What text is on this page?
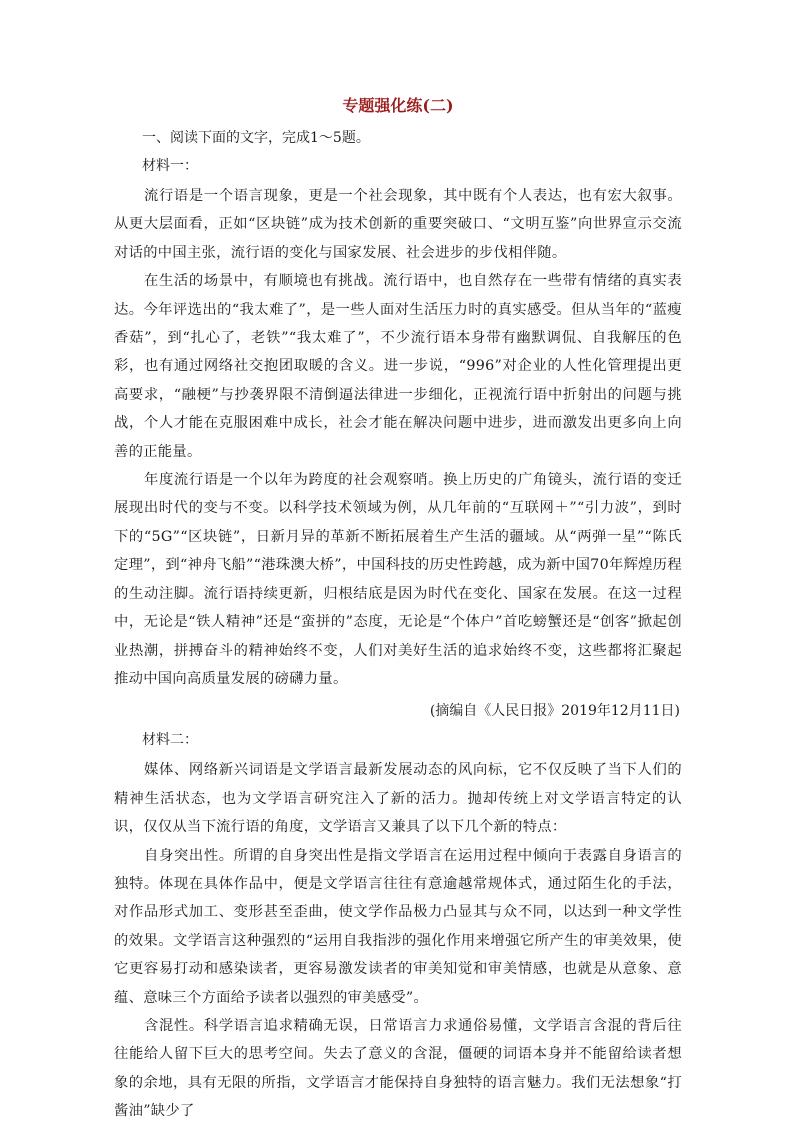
专题强化练(二)

一、阅读下面的文字，完成1～5题。

材料一：

流行语是一个语言现象，更是一个社会现象，其中既有个人表达，也有宏大叙事。从更大层面看，正如“区块链”成为技术创新的重要突破口、“文明互鉴”向世界宣示交流对话的中国主张，流行语的变化与国家发展、社会进步的步伐相伴随。

在生活的场景中，有顺境也有挑战。流行语中，也自然存在一些带有情绪的真实表达。今年评选出的“我太难了”，是一些人面对生活压力时的真实感受。但从当年的“蓝瘦香菇”，到“扎心了，老铁”“我太难了”，不少流行语本身带有幽默调侃、自我解压的色彩，也有通过网络社交抱团取暖的含义。进一步说，“996”对企业的人性化管理提出更高要求，“融梗”与抄袭界限不清倒逼法律进一步细化，正视流行语中折射出的问题与挑战，个人才能在克服困难中成长，社会才能在解决问题中进步，进而激发出更多向上向善的正能量。

年度流行语是一个以年为跨度的社会观察哨。换上历史的广角镜头，流行语的变迁展现出时代的变与不变。以科学技术领域为例，从几年前的“互联网＋”“引力波”，到时下的“5G”“区块链”，日新月异的革新不断拓展着生产生活的疆域。从“两弹一星”“陈氏定理”，到“神舟飞船”“港珠澳大桥”，中国科技的历史性跨越，成为新中国70年辉煌历程的生动注脚。流行语持续更新，归根结底是因为时代在变化、国家在发展。在这一过程中，无论是“铁人精神”还是“蛮拼的”态度，无论是“个体户”首吃螃蟹还是“创客”掀起创业热潮，拼搏奋斗的精神始终不变，人们对美好生活的追求始终不变，这些都将汇聚起推动中国向高质量发展的磅礴力量。

(摘编自《人民日报》2019年12月11日)

材料二：

媒体、网络新兴词语是文学语言最新发展动态的风向标，它不仅反映了当下人们的精神生活状态，也为文学语言研究注入了新的活力。抛却传统上对文学语言特定的认识，仅仅从当下流行语的角度，文学语言又兼具了以下几个新的特点：

自身突出性。所谓的自身突出性是指文学语言在运用过程中倾向于表露自身语言的独特。体现在具体作品中，便是文学语言往往有意逾越常规体式，通过陌生化的手法，对作品形式加工、变形甚至歪曲，使文学作品极力凸显其与众不同，以达到一种文学性的效果。文学语言这种强烈的“运用自我指涉的强化作用来增强它所产生的审美效果，使它更容易打动和感染读者，更容易激发读者的审美知觉和审美情感，也就是从意象、意蕴、意味三个方面给予读者以强烈的审美感受”。

含混性。科学语言追求精确无误，日常语言力求通俗易懂，文学语言含混的背后往往能给人留下巨大的思考空间。失去了意义的含混，僵硬的词语本身并不能留给读者想象的余地，具有无限的所指，文学语言才能保持自身独特的语言魅力。我们无法想象“打酱油”缺少了
